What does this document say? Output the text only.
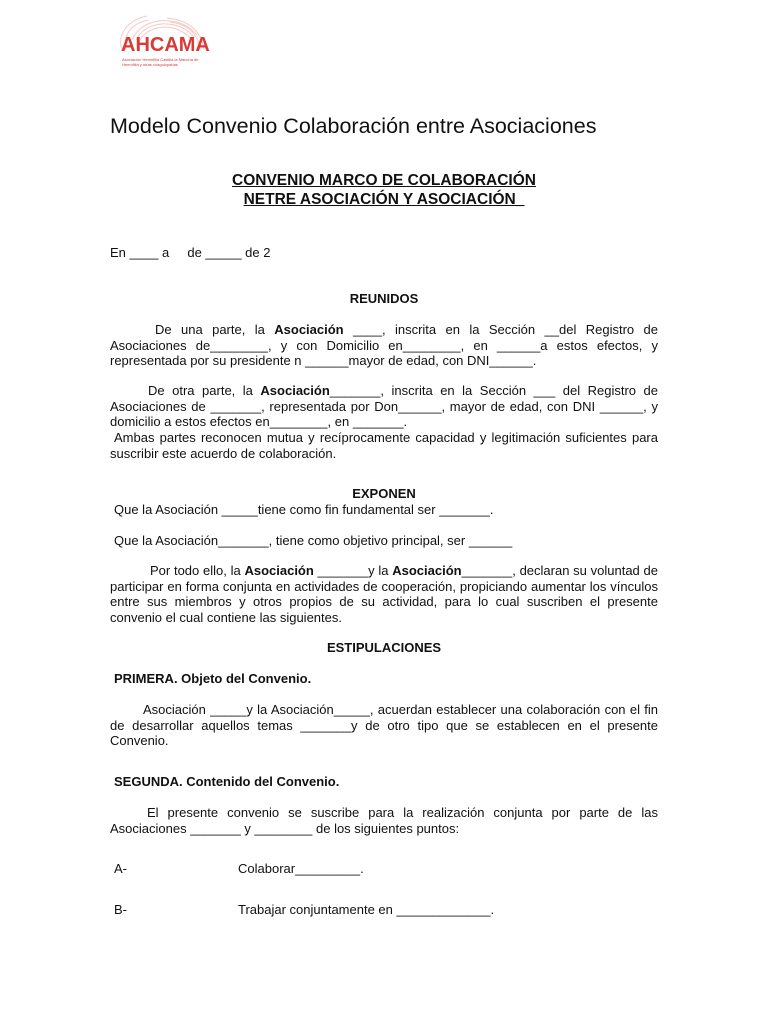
AHCAMA
Asociación Hemofilia Castilla la Mancha de Hemofilia y otras coagulopatías
Modelo Convenio Colaboración entre Asociaciones
CONVENIO MARCO DE COLABORACIÓN
NETRE ASOCIACIÓN Y ASOCIACIÓN_
En ____ a     de _____ de 2
REUNIDOS
De una parte, la Asociación ____, inscrita en la Sección __del Registro de Asociaciones de________, y con Domicilio en________, en ______a estos efectos, y representada por su presidente n ______mayor de edad, con DNI______.
De otra parte, la Asociación_______, inscrita en la Sección ___ del Registro de Asociaciones de _______, representada por Don______, mayor de edad, con DNI ______, y domicilio a estos efectos en________, en _______.
Ambas partes reconocen mutua y recíprocamente capacidad y legitimación suficientes para suscribir este acuerdo de colaboración.
EXPONEN
Que la Asociación _____tiene como fin fundamental ser _______.
Que la Asociación_______, tiene como objetivo principal, ser ______
Por todo ello, la Asociación _______y la Asociación_______, declaran su voluntad de participar en forma conjunta en actividades de cooperación, propiciando aumentar los vínculos entre sus miembros y otros propios de su actividad, para lo cual suscriben el presente convenio el cual contiene las siguientes.
ESTIPULACIONES
PRIMERA. Objeto del Convenio.
Asociación _____y la Asociación_____, acuerdan establecer una colaboración con el fin de desarrollar aquellos temas _______y de otro tipo que se establecen en el presente Convenio.
SEGUNDA. Contenido del Convenio.
El presente convenio se suscribe para la realización conjunta por parte de las Asociaciones _______ y ________ de los siguientes puntos:
A-	Colaborar_________.
B-	Trabajar conjuntamente en _____________.
